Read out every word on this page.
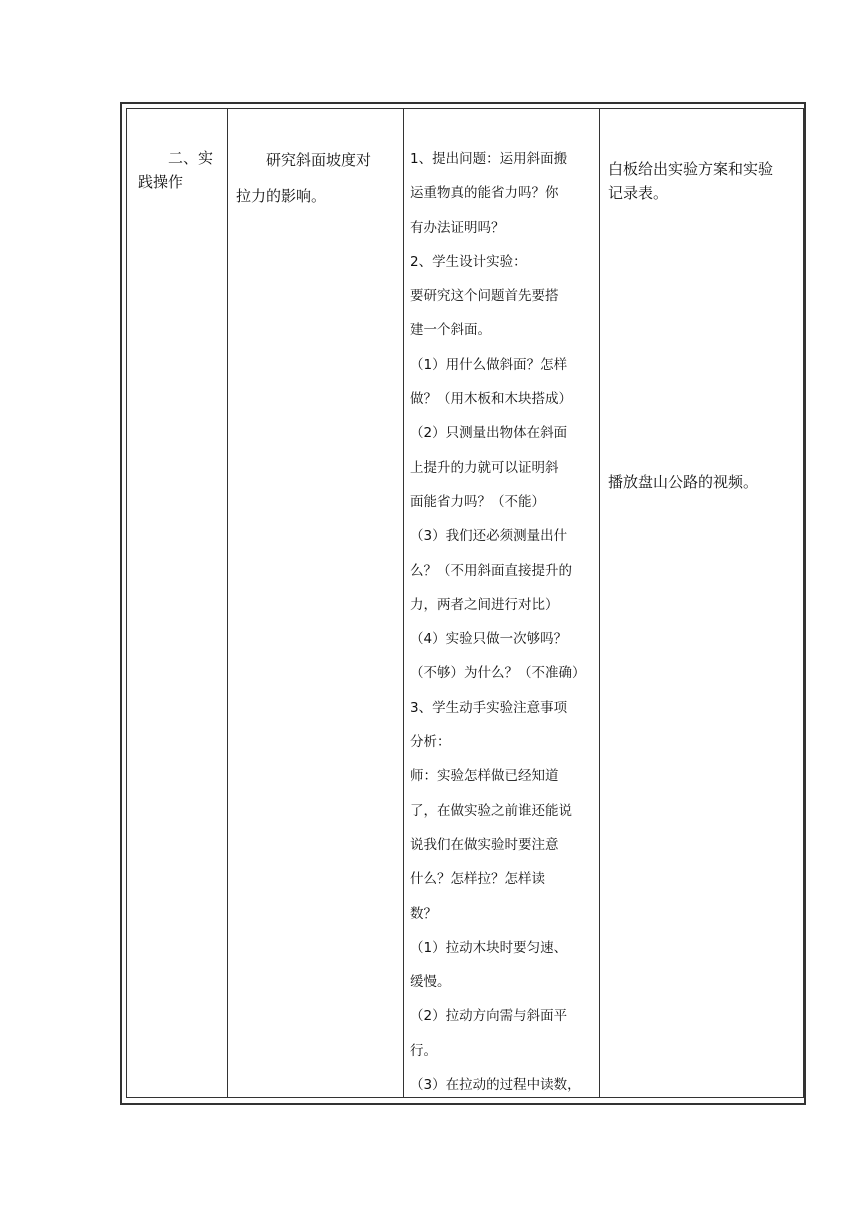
二、实
践操作
研究斜面坡度对
拉力的影响。
1、提出问题：运用斜面搬
运重物真的能省力吗？你
有办法证明吗？
2、学生设计实验：
要研究这个问题首先要搭
建一个斜面。
（1）用什么做斜面？怎样
做？（用木板和木块搭成）
（2）只测量出物体在斜面
上提升的力就可以证明斜
面能省力吗？（不能）
（3）我们还必须测量出什
么？（不用斜面直接提升的
力，两者之间进行对比）
（4）实验只做一次够吗？
（不够）为什么？（不准确）
3、学生动手实验注意事项
分析：
师：实验怎样做已经知道
了，在做实验之前谁还能说
说我们在做实验时要注意
什么？怎样拉？怎样读
数？
（1）拉动木块时要匀速、
缓慢。
（2）拉动方向需与斜面平
行。
（3）在拉动的过程中读数，
白板给出实验方案和实验
记录表。
播放盘山公路的视频。
